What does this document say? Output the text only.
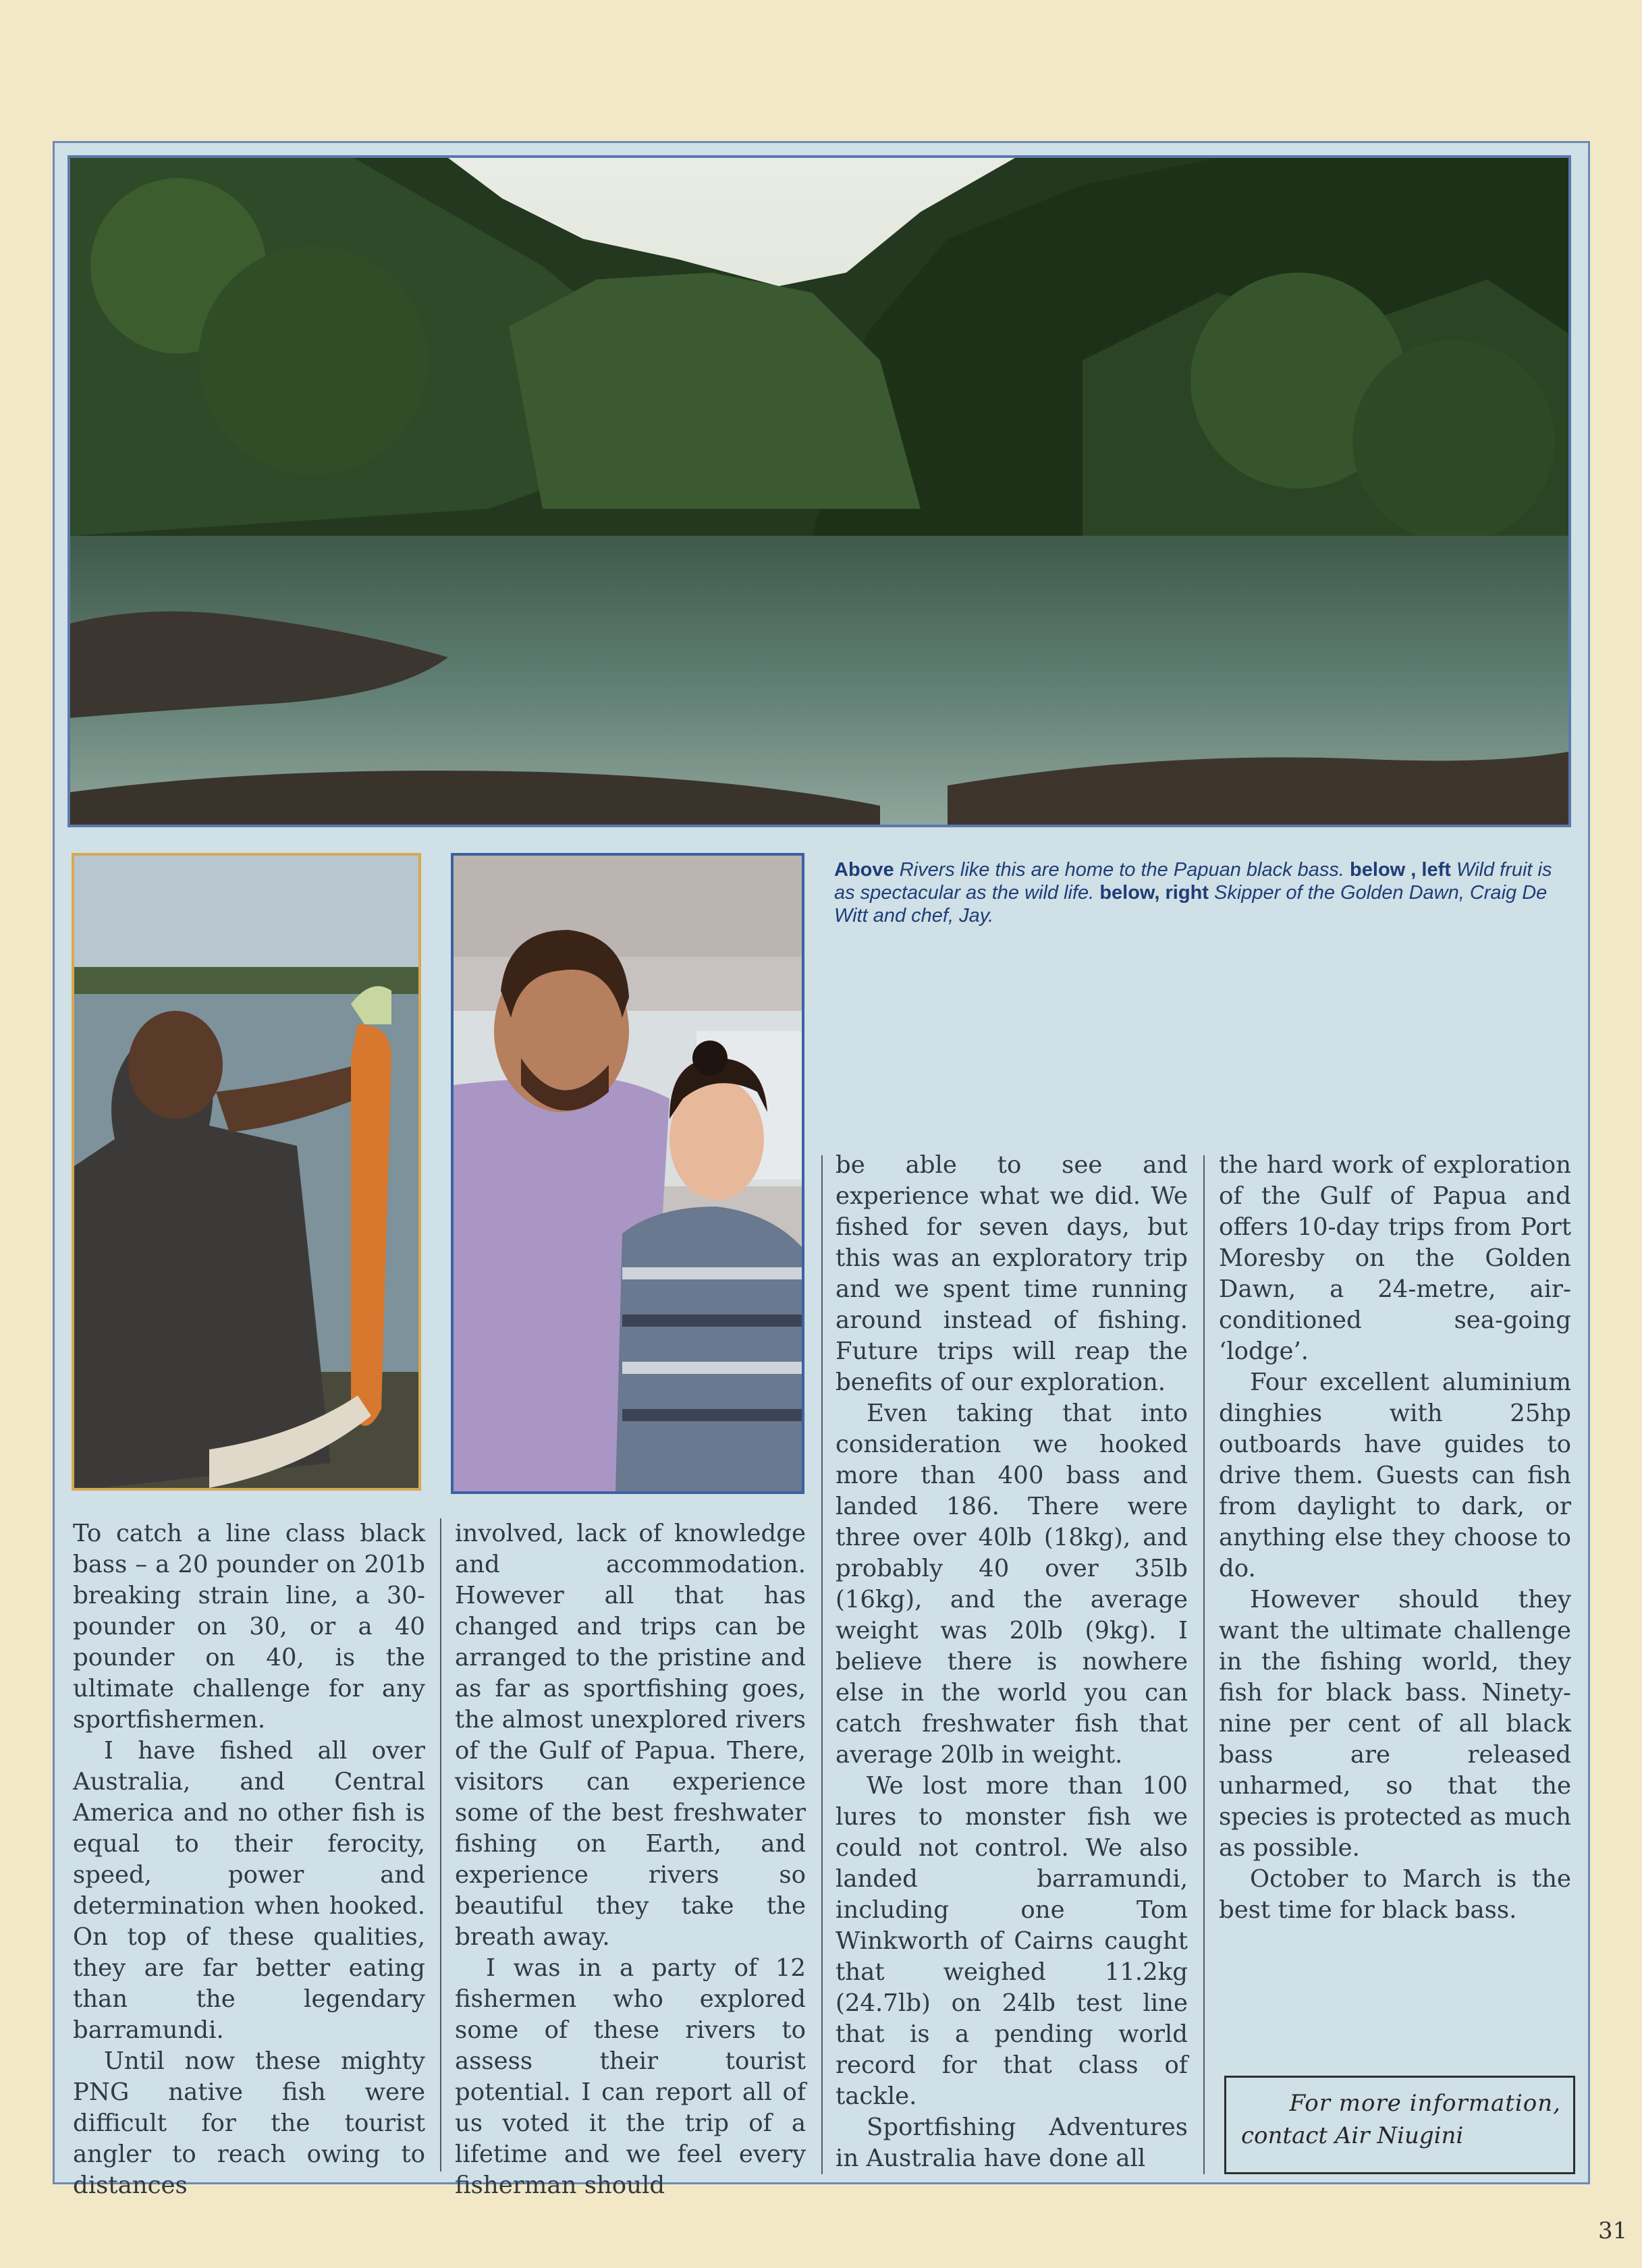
Above Rivers like this are home to the Papuan black bass. below , left Wild fruit is as spectacular as the wild life. below, right Skipper of the Golden Dawn, Craig De Witt and chef, Jay.

To catch a line class black bass – a 20 pounder on 201b breaking strain line, a 30-pounder on 30, or a 40 pounder on 40, is the ultimate challenge for any sportfishermen.

I have fished all over Australia, and Central America and no other fish is equal to their ferocity, speed, power and determination when hooked. On top of these qualities, they are far better eating than the legendary barramundi.

Until now these mighty PNG native fish were difficult for the tourist angler to reach owing to distances

involved, lack of knowledge and accommodation. However all that has changed and trips can be arranged to the pristine and as far as sportfishing goes, the almost unexplored rivers of the Gulf of Papua. There, visitors can experience some of the best freshwater fishing on Earth, and experience rivers so beautiful they take the breath away.

I was in a party of 12 fishermen who explored some of these rivers to assess their tourist potential. I can report all of us voted it the trip of a lifetime and we feel every fisherman should

be able to see and experience what we did. We fished for seven days, but this was an exploratory trip and we spent time running around instead of fishing. Future trips will reap the benefits of our exploration.

Even taking that into consideration we hooked more than 400 bass and landed 186. There were three over 40lb (18kg), and probably 40 over 35lb (16kg), and the average weight was 20lb (9kg). I believe there is nowhere else in the world you can catch freshwater fish that average 20lb in weight.

We lost more than 100 lures to monster fish we could not control. We also landed barramundi, including one Tom Winkworth of Cairns caught that weighed 11.2kg (24.7lb) on 24lb test line that is a pending world record for that class of tackle.

Sportfishing Adventures in Australia have done all

the hard work of exploration of the Gulf of Papua and offers 10-day trips from Port Moresby on the Golden Dawn, a 24-metre, air-conditioned sea-going ‘lodge’.

Four excellent aluminium dinghies with 25hp outboards have guides to drive them. Guests can fish from daylight to dark, or anything else they choose to do.

However should they want the ultimate challenge in the fishing world, they fish for black bass. Ninety-nine per cent of all black bass are released unharmed, so that the species is protected as much as possible.

October to March is the best time for black bass.

For more information,
contact Air Niugini
31
